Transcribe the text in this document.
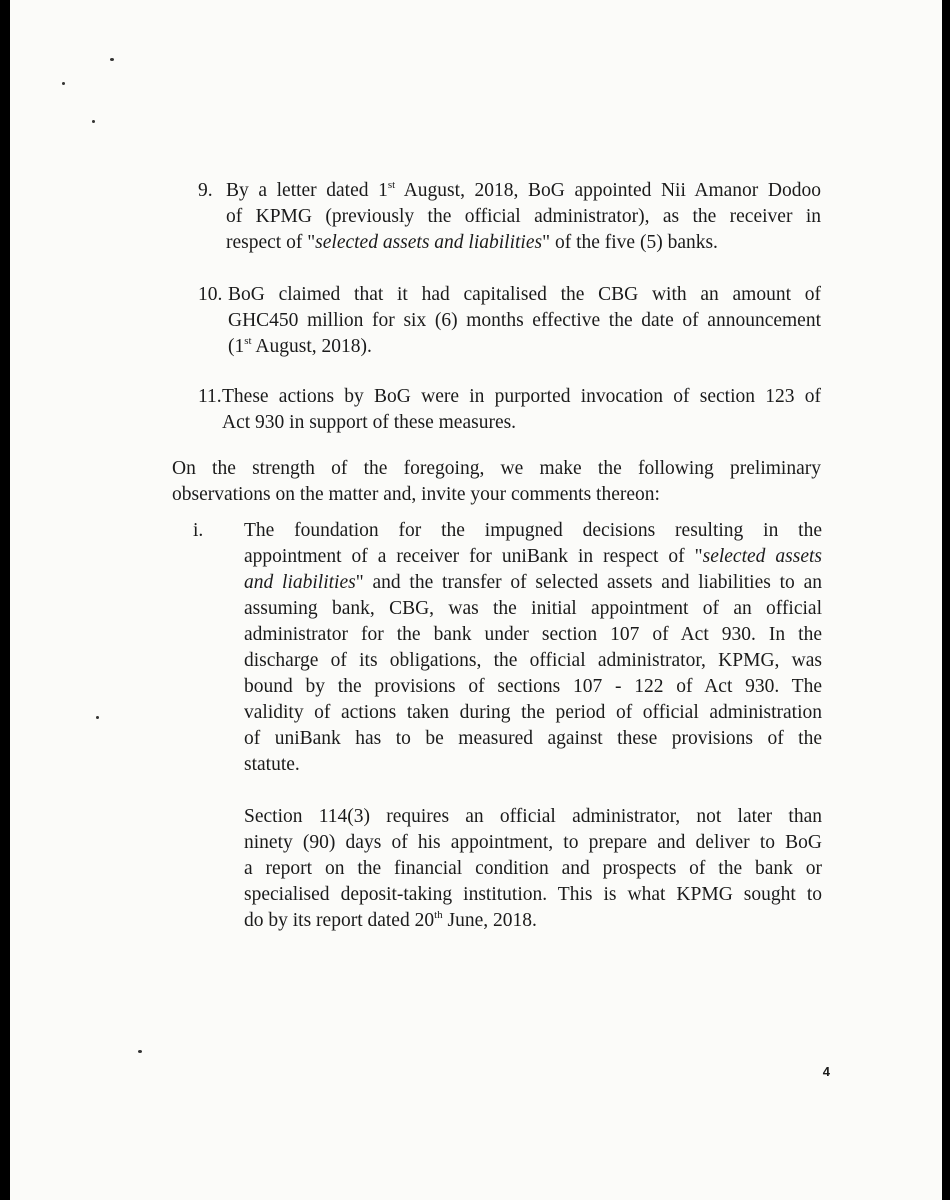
9. By a letter dated 1st August, 2018, BoG appointed Nii Amanor Dodoo
of KPMG (previously the official administrator), as the receiver in
respect of "selected assets and liabilities" of the five (5) banks.
10. BoG claimed that it had capitalised the CBG with an amount of
GHC450 million for six (6) months effective the date of announcement
(1st August, 2018).
11. These actions by BoG were in purported invocation of section 123 of
Act 930 in support of these measures.
On the strength of the foregoing, we make the following preliminary
observations on the matter and, invite your comments thereon:
i. The foundation for the impugned decisions resulting in the
appointment of a receiver for uniBank in respect of "selected assets
and liabilities" and the transfer of selected assets and liabilities to an
assuming bank, CBG, was the initial appointment of an official
administrator for the bank under section 107 of Act 930. In the
discharge of its obligations, the official administrator, KPMG, was
bound by the provisions of sections 107 - 122 of Act 930. The
validity of actions taken during the period of official administration
of uniBank has to be measured against these provisions of the
statute.
Section 114(3) requires an official administrator, not later than
ninety (90) days of his appointment, to prepare and deliver to BoG
a report on the financial condition and prospects of the bank or
specialised deposit-taking institution. This is what KPMG sought to
do by its report dated 20th June, 2018.
4
